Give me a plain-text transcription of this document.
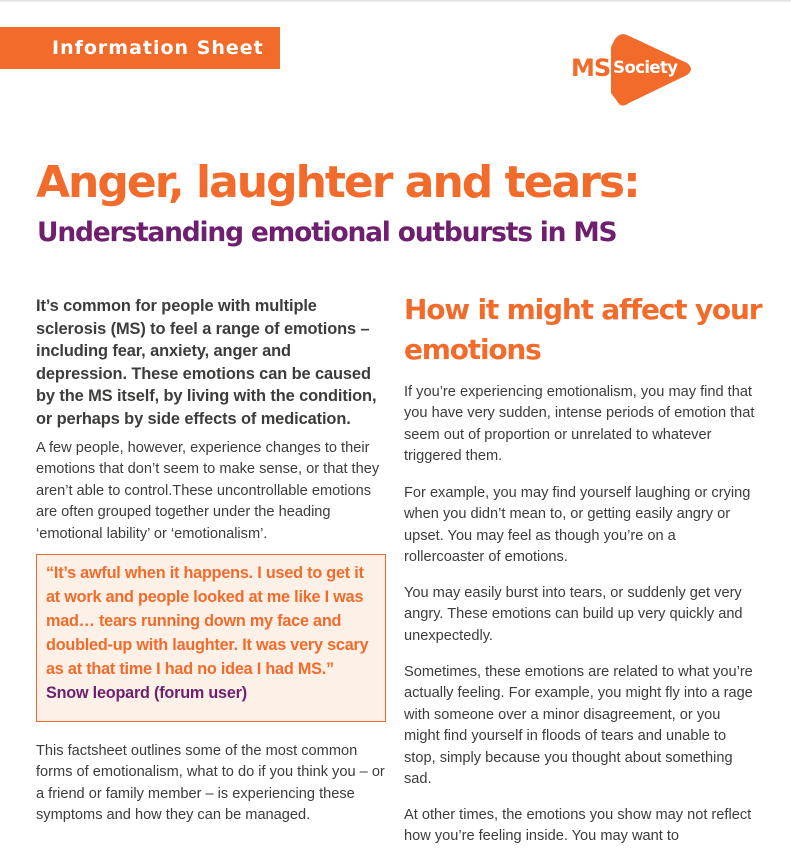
Information Sheet
MS Society
Anger, laughter and tears:
Understanding emotional outbursts in MS

It’s common for people with multiple sclerosis (MS) to feel a range of emotions – including fear, anxiety, anger and depression. These emotions can be caused by the MS itself, by living with the condition, or perhaps by side effects of medication.

A few people, however, experience changes to their emotions that don’t seem to make sense, or that they aren’t able to control.These uncontrollable emotions are often grouped together under the heading ‘emotional lability’ or ‘emotionalism’.

“It’s awful when it happens. I used to get it at work and people looked at me like I was mad… tears running down my face and doubled-up with laughter. It was very scary as at that time I had no idea I had MS.” Snow leopard (forum user)

This factsheet outlines some of the most common forms of emotionalism, what to do if you think you – or a friend or family member – is experiencing these symptoms and how they can be managed.

How it might affect your emotions

If you’re experiencing emotionalism, you may find that you have very sudden, intense periods of emotion that seem out of proportion or unrelated to whatever triggered them.

For example, you may find yourself laughing or crying when you didn’t mean to, or getting easily angry or upset. You may feel as though you’re on a rollercoaster of emotions.

You may easily burst into tears, or suddenly get very angry. These emotions can build up very quickly and unexpectedly.

Sometimes, these emotions are related to what you’re actually feeling. For example, you might fly into a rage with someone over a minor disagreement, or you might find yourself in floods of tears and unable to stop, simply because you thought about something sad.

At other times, the emotions you show may not reflect how you’re feeling inside. You may want to
